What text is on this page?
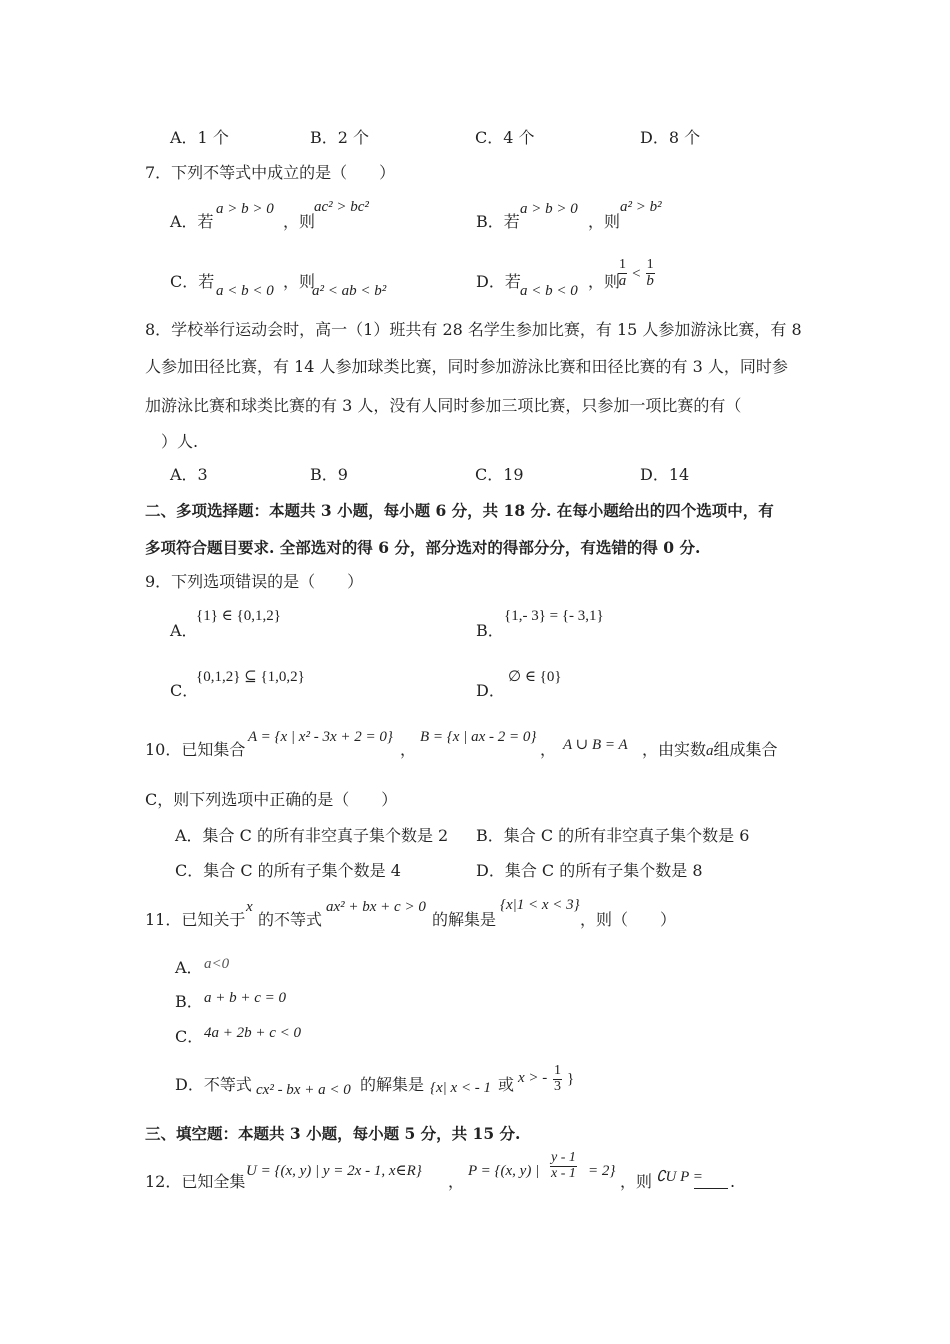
A．1 个	B．2 个	C．4 个	D．8 个
7．下列不等式中成立的是（　　）
A．若
a > b > 0
，则
ac² > bc²
B．若
a > b > 0
，则
a² > b²
C．若 a < b < 0 ，则
a² < ab < b²	D．若 a < b < 0 ，则
$\frac{1}{a} < \frac{1}{b}$
8．学校举行运动会时，高一（1）班共有 28 名学生参加比赛，有 15 人参加游泳比赛，有 8
人参加田径比赛，有 14 人参加球类比赛，同时参加游泳比赛和田径比赛的有 3 人，同时参
加游泳比赛和球类比赛的有 3 人，没有人同时参加三项比赛，只参加一项比赛的有（
　）人.
A．3	B．9	C．19	D．14
二、多项选择题：本题共 3 小题，每小题 6 分，共 18 分. 在每小题给出的四个选项中，有
多项符合题目要求. 全部选对的得 6 分，部分选对的得部分分，有选错的得 0 分.
9．下列选项错误的是（　　）
A．
{1} ∈ {0,1,2}
B．
{1,- 3} = {- 3,1}
C．
{0,1,2} ⊆ {1,0,2}
D．
∅ ∈ {0}
10．已知集合
A = {x | x² - 3x + 2 = 0}
，
B = {x | ax - 2 = 0}
， A ∪ B = A ，由实数a组成集合
C，则下列选项中正确的是（　　）
A．集合 C 的所有非空真子集个数是 2 B．集合 C 的所有非空真子集个数是 6
C．集合 C 的所有子集个数是 4	D．集合 C 的所有子集个数是 8
11．已知关于
x
的不等式
ax² + bx + c > 0
的解集是
{x|1 < x < 3}
，则（　　）
A． a<0
B． a + b + c = 0
C． 4a + 2b + c < 0
D．不等式 cx² - bx + a < 0 的解集是 {x| x < - 1 或 x > - $\frac{1}{3}$ }
三、填空题：本题共 3 小题，每小题 5 分，共 15 分.
12．已知全集
U = {(x, y) | y = 2x - 1, x∈R}
，
P = {(x, y) | $\frac{y - 1}{x - 1} = 2$}
，则 ∁U P = .
